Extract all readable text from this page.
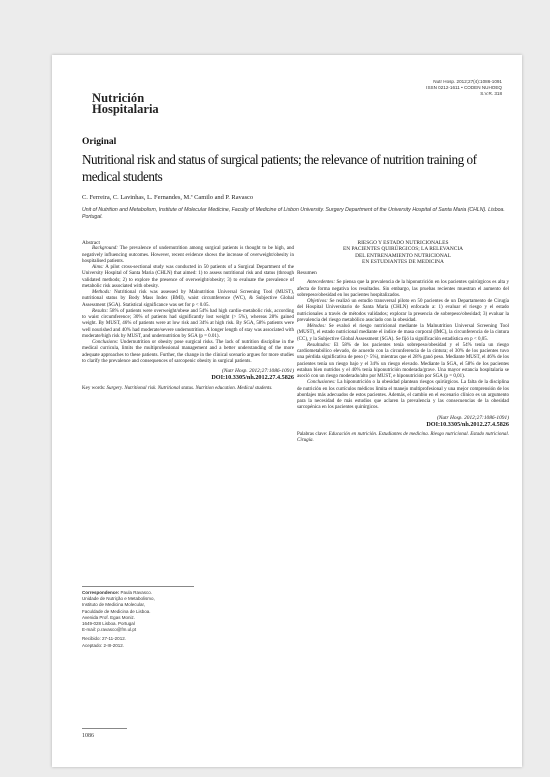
Nutrición
Hospitalaria
Nutr Hosp. 2012;27(4):1086-1091
ISSN 0212-1611 • CODEN NUHOEQ
S.V.R. 318
Original
Nutritional risk and status of surgical patients; the relevance of nutrition training of medical students
C. Ferreira, C. Lavinhas, L. Fernandes, M.ª Camilo and P. Ravasco
Unit of Nutrition and Metabolism, Institute of Molecular Medicine, Faculty of Medicine of Lisbon University. Surgery Department of the University Hospital of Santa Maria (CHLN). Lisboa. Portugal.
Abstract

Background: The prevalence of undernutrition among surgical patients is thought to be high, and negatively influencing outcomes. However, recent evidence shows the increase of overweight/obesity in hospitalised patients.

Aims: A pilot cross-sectional study was conducted in 50 patients of a Surgical Department of the University Hospital of Santa Maria (CHLN) that aimed: 1) to assess nutritional risk and status (through validated methods; 2) to explore the presence of overweight/obesity; 3) to evaluate the prevalence of metabolic risk associated with obesity.

Methods: Nutritional risk was assessed by Malnutrition Universal Screening Tool (MUST), nutritional status by Body Mass Index (BMI), waist circumference (WC), & Subjective Global Assessment (SGA). Statistical significance was set for p < 0.05.

Results: 58% of patients were overweight/obese and 54% had high cardio-metabolic risk, according to waist circumference; 30% of patients had significantly lost weight (> 5%), whereas 28% gained weight. By MUST, 46% of patients were at low risk and 34% at high risk. By SGA, 58% patients were well nourished and 40% had moderate/severe undernutrition. A longer length of stay was associated with moderate/high risk by MUST, and undernutrition by SGA (p = 0.01).

Conclusions: Undernutrition or obesity pose surgical risks. The lack of nutrition discipline in the medical curricula, limits the multiprofessional management and a better understanding of the more adequate approaches to these patients. Further, the change in the clinical scenario argues for more studies to clarify the prevalence and consequences of sarcopenic obesity in surgical patients.

(Nutr Hosp. 2012;27:1086-1091)
DOI:10.3305/nh.2012.27.4.5826
Key words: Surgery. Nutritional risk. Nutritional status. Nutrition education. Medical students.
Correspondence: Paula Ravasco.
Unidade de Nutrição e Metabolismo,
Instituto de Medicina Molecular,
Faculdade de Medicina de Lisboa.
Avenida Prof. Egas Moniz.
1649-028 Lisboa. Portugal
E-mail: p.ravasco@fm.ul.pt
Recibido: 27-11-2012.
Aceptado: 2-III-2012.
RIESGO Y ESTADO NUTRICIONALES
EN PACIENTES QUIRÚRGICOS; LA RELEVANCIA
DEL ENTRENAMIENTO NUTRICIONAL
EN ESTUDIANTES DE MEDICINA
Resumen

Antecedentes: Se piensa que la prevalencia de la hiponutrición en los pacientes quirúrgicos es alta y afecta de forma negativa los resultados. Sin embargo, las pruebas recientes muestran el aumento del sobrepeso/obesidad en los pacientes hospitalizados.

Objetivos: Se realizó un estudio transversal piloto en 50 pacientes de un Departamento de Cirugía del Hospital Universitario de Santa María (CHLN) enfocado a: 1) evaluar el riesgo y el estado nutricionales a través de métodos validados; explorar la presencia de sobrepeso/obesidad; 3) evaluar la prevalencia del riesgo metabólico asociado con la obesidad.

Métodos: Se evaluó el riesgo nutricional mediante la Malnutrition Universal Screening Tool (MUST), el estado nutricional mediante el índice de masa corporal (IMC), la circunferencia de la cintura (CC), y la Subjective Global Assessment (SGA). Se fijó la significación estadística en p < 0,05.

Resultados: El 58% de los pacientes tenía sobrepeso/obesidad y el 54% tenía un riesgo cardiometabólico elevado, de acuerdo con la circunferencia de la cintura; el 30% de los pacientes tuvo una pérdida significativa de peso (> 5%), mientras que el 28% ganó peso. Mediante MUST, el 46% de los pacientes tenía un riesgo bajo y el 34% un riesgo elevado. Mediante la SGA, el 58% de los pacientes estaban bien nutridos y el 40% tenía hiponutrición moderada/grave. Una mayor estancia hospitalaria se asoció con un riesgo moderado/alto por MUST, e hiponutrición por SGA (p = 0,01).

Conclusiones: La hiponutrición o la obesidad plantean riesgos quirúrgicos. La falta de la disciplina de nutrición en los currículos médicos limita el manejo multiprofesional y una mejor comprensión de los abordajes más adecuados de estos pacientes. Además, el cambio en el escenario clínico es un argumento para la necesidad de más estudios que aclaren la prevalencia y las consecuencias de la obesidad sarcopénica en los pacientes quirúrgicos.

(Nutr Hosp. 2012;27:1086-1091)
DOI:10.3305/nh.2012.27.4.5826
Palabras clave: Educación en nutrición. Estudiantes de medicina. Riesgo nutricional. Estado nutricional. Cirugía.
1086
